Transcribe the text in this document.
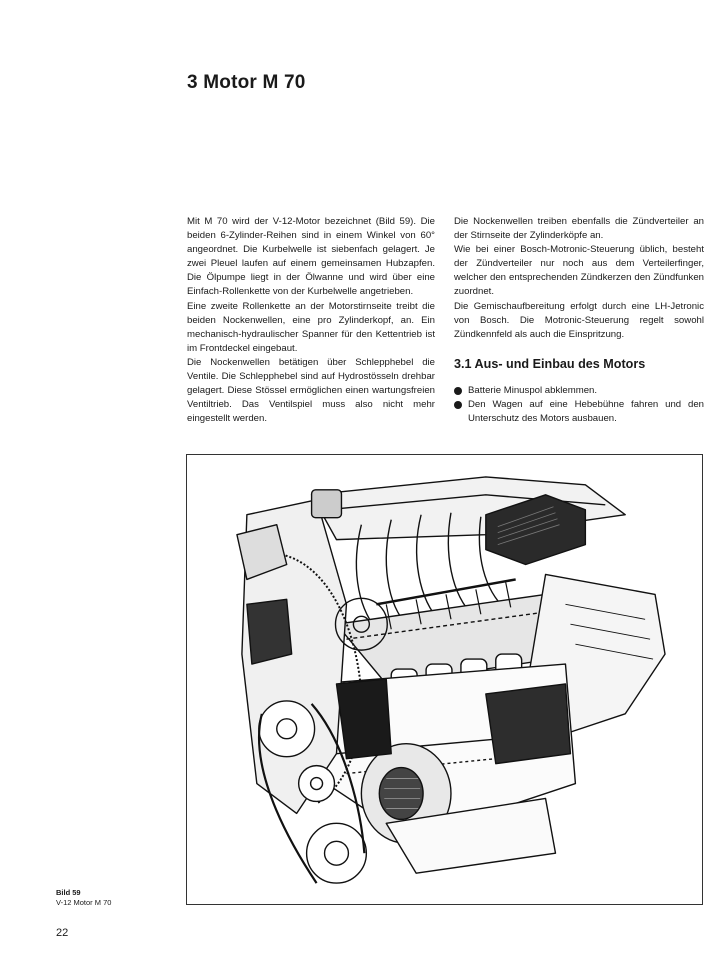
3 Motor M 70

Mit M 70 wird der V-12-Motor bezeichnet (Bild 59). Die beiden 6-Zylinder-Reihen sind in einem Winkel von 60° angeordnet. Die Kurbelwelle ist siebenfach gelagert. Je zwei Pleuel laufen auf einem gemeinsamen Hubzapfen. Die Ölpumpe liegt in der Ölwanne und wird über eine Einfach-Rollenkette von der Kurbelwelle angetrieben.

Eine zweite Rollenkette an der Motorstirnseite treibt die beiden Nockenwellen, eine pro Zylinderkopf, an. Ein mechanisch-hydraulischer Spanner für den Kettentrieb ist im Frontdeckel eingebaut.

Die Nockenwellen betätigen über Schlepphebel die Ventile. Die Schlepphebel sind auf Hydrostösseln drehbar gelagert. Diese Stössel ermöglichen einen wartungsfreien Ventiltrieb. Das Ventilspiel muss also nicht mehr eingestellt werden.

Die Nockenwellen treiben ebenfalls die Zündverteiler an der Stirnseite der Zylinderköpfe an.

Wie bei einer Bosch-Motronic-Steuerung üblich, besteht der Zündverteiler nur noch aus dem Verteilerfinger, welcher den entsprechenden Zündkerzen den Zündfunken zuordnet.

Die Gemischaufbereitung erfolgt durch eine LH-Jetronic von Bosch. Die Motronic-Steuerung regelt sowohl Zündkennfeld als auch die Einspritzung.

3.1 Aus- und Einbau des Motors

Batterie Minuspol abklemmen.
Den Wagen auf eine Hebebühne fahren und den Unterschutz des Motors ausbauen.
Bild 59
V-12 Motor M 70
22
